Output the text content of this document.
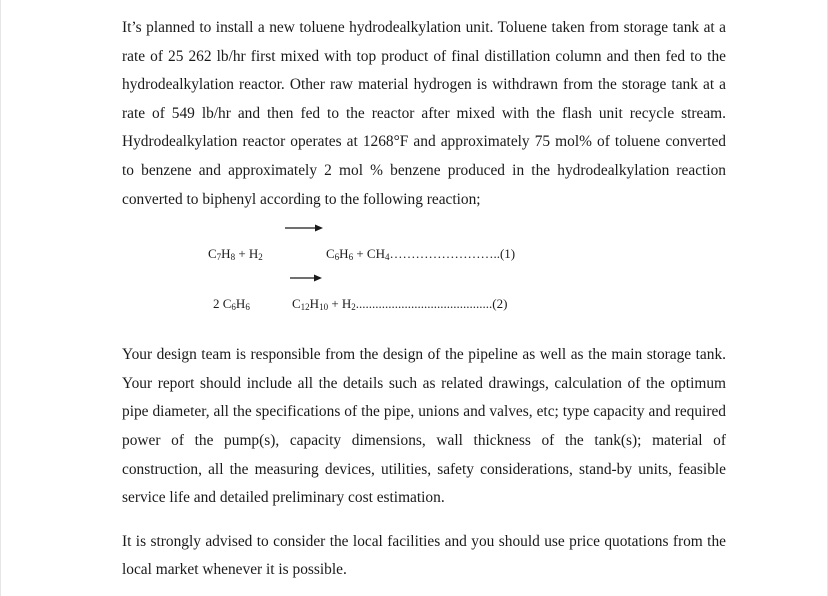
It’s planned to install a new toluene hydrodealkylation unit. Toluene taken from storage tank at a rate of 25 262 lb/hr first mixed with top product of final distillation column and then fed to the hydrodealkylation reactor. Other raw material hydrogen is withdrawn from the storage tank at a rate of 549 lb/hr and then fed to the reactor after mixed with the flash unit recycle stream. Hydrodealkylation reactor operates at 1268°F and approximately 75 mol% of toluene converted to benzene and approximately 2 mol % benzene produced in the hydrodealkylation reaction converted to biphenyl according to the following reaction;

$C_7H_8 + H_2$	$C_6H_6$ + $CH_4\dots\dots\dots\dots\dots\dots\dots\dots..(1)$
2 $C_6H_6$	$C_{12}H_{10} + H_2..........................................(2)$

Your design team is responsible from the design of the pipeline as well as the main storage tank. Your report should include all the details such as related drawings, calculation of the optimum pipe diameter, all the specifications of the pipe, unions and valves, etc; type capacity and required power of the pump(s), capacity dimensions, wall thickness of the tank(s); material of construction, all the measuring devices, utilities, safety considerations, stand-by units, feasible service life and detailed preliminary cost estimation.

It is strongly advised to consider the local facilities and you should use price quotations from the local market whenever it is possible.
